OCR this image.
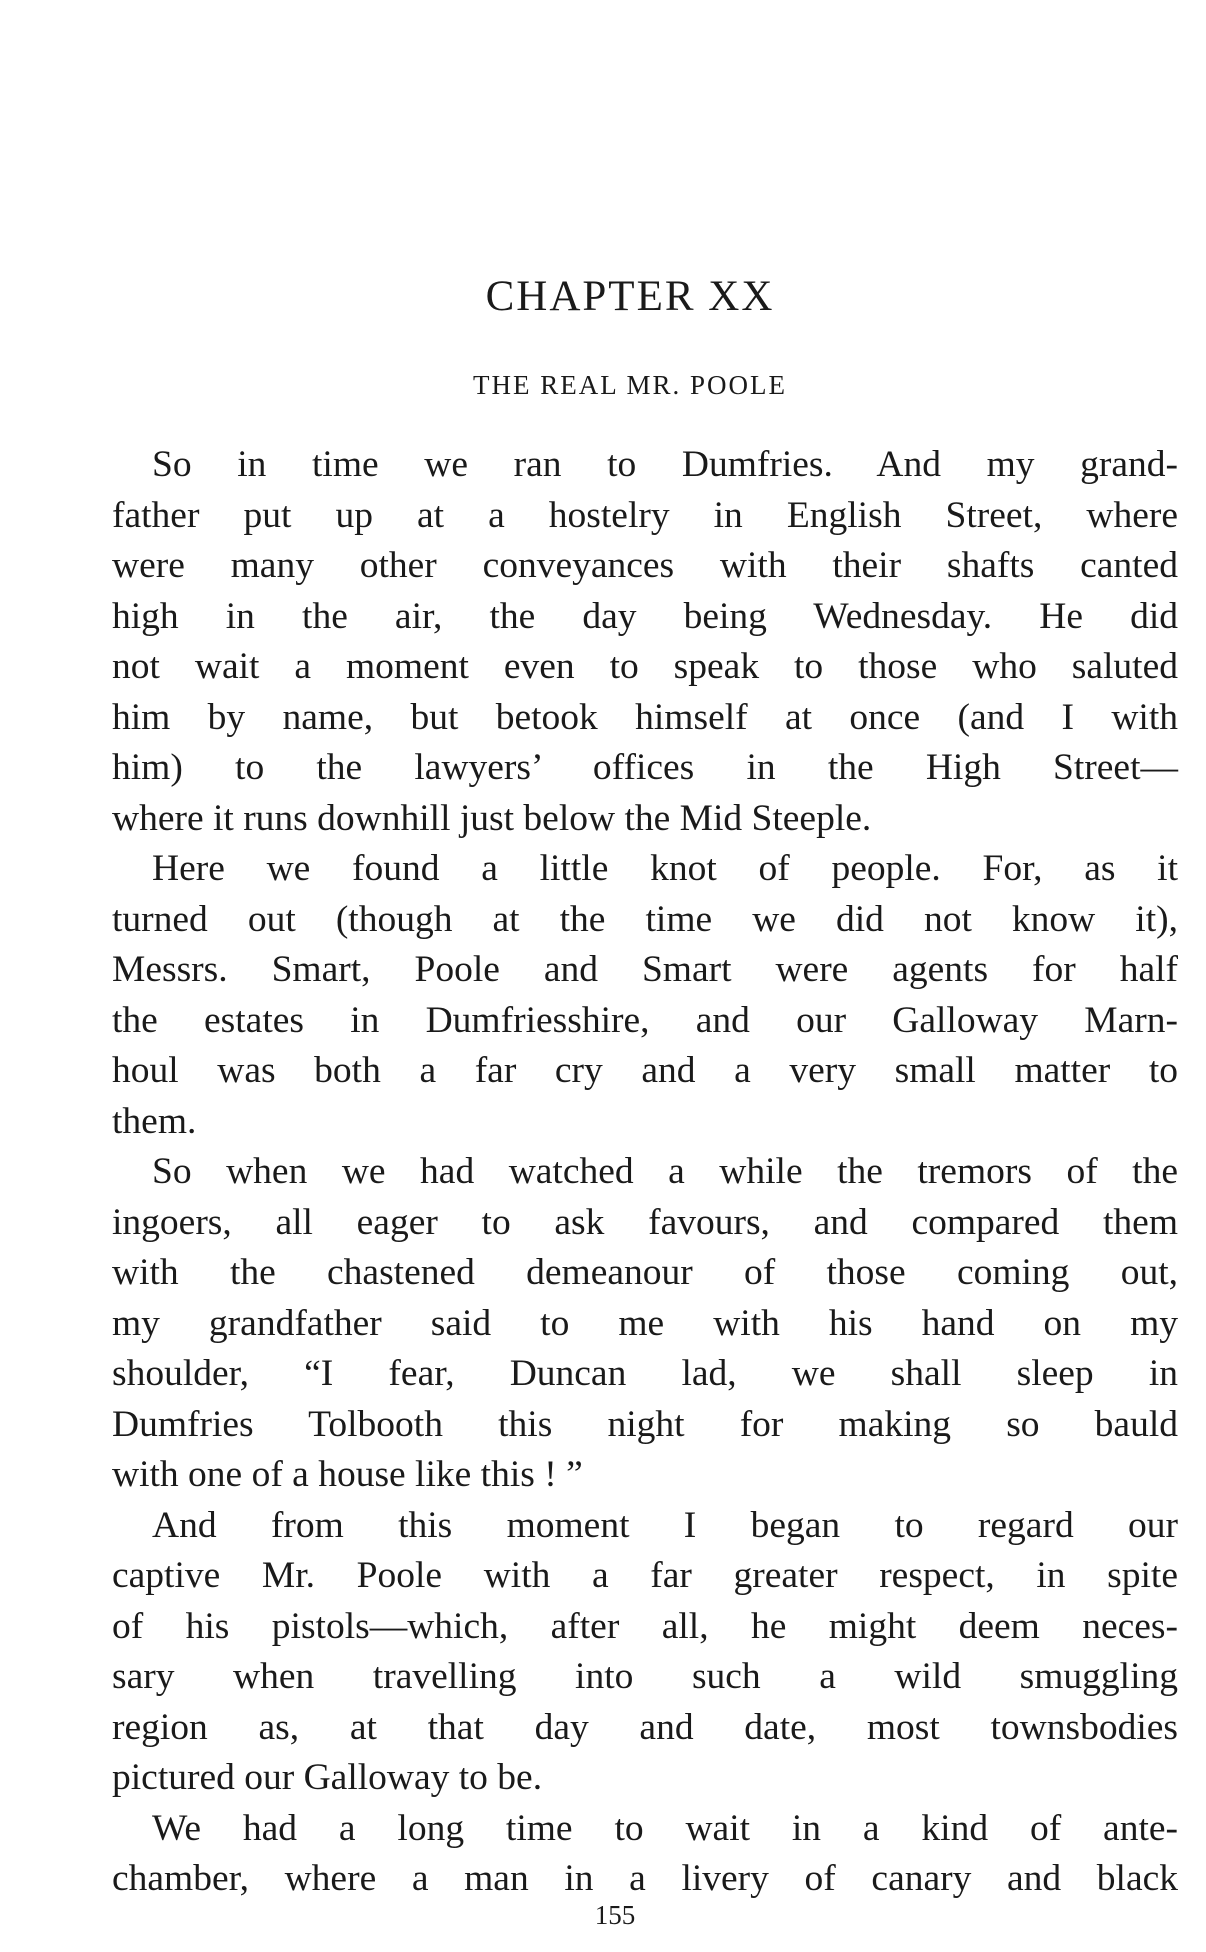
CHAPTER XX
THE REAL MR. POOLE
So in time we ran to Dumfries. And my grand-
father put up at a hostelry in English Street, where
were many other conveyances with their shafts canted
high in the air, the day being Wednesday. He did
not wait a moment even to speak to those who saluted
him by name, but betook himself at once (and I with
him) to the lawyers’ offices in the High Street—
where it runs downhill just below the Mid Steeple.
Here we found a little knot of people. For, as it
turned out (though at the time we did not know it),
Messrs. Smart, Poole and Smart were agents for half
the estates in Dumfriesshire, and our Galloway Marn-
houl was both a far cry and a very small matter to
them.
So when we had watched a while the tremors of the
ingoers, all eager to ask favours, and compared them
with the chastened demeanour of those coming out,
my grandfather said to me with his hand on my
shoulder, “I fear, Duncan lad, we shall sleep in
Dumfries Tolbooth this night for making so bauld
with one of a house like this ! ”
And from this moment I began to regard our
captive Mr. Poole with a far greater respect, in spite
of his pistols—which, after all, he might deem neces-
sary when travelling into such a wild smuggling
region as, at that day and date, most townsbodies
pictured our Galloway to be.
We had a long time to wait in a kind of ante-
chamber, where a man in a livery of canary and black
155
